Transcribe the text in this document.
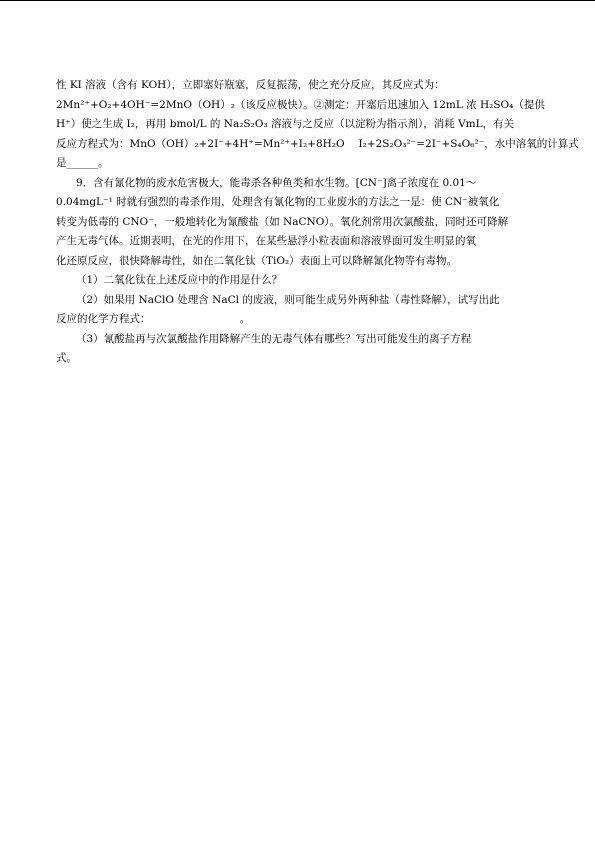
性 KI 溶液（含有 KOH），立即塞好瓶塞，反复振荡，使之充分反应，其反应式为：
2Mn²⁺+O₂+4OH⁻=2MnO（OH）₂（该反应极快）。②测定：开塞后迅速加入 12mL 浓 H₂SO₄（提供
H⁺）使之生成 I₂，再用 bmol/L 的 Na₂S₂O₃ 溶液与之反应（以淀粉为指示剂），消耗 VmL，有关
反应方程式为：MnO（OH）₂+2I⁻+4H⁺=Mn²⁺+I₂+8H₂O　 I₂+2S₂O₃²⁻=2I⁻+S₄O₆²⁻，水中溶氧的计算式
是______。
9．含有氰化物的废水危害极大，能毒杀各种鱼类和水生物。[CN⁻]离子浓度在 0.01～
0.04mgL⁻¹ 时就有强烈的毒杀作用，处理含有氰化物的工业废水的方法之一是：使 CN⁻被氧化
转变为低毒的 CNO⁻，一般地转化为氰酸盐（如 NaCNO）。氧化剂常用次氯酸盐，同时还可降解
产生无毒气体。近期表明，在光的作用下，在某些悬浮小粒表面和溶液界面可发生明显的氧
化还原反应，很快降解毒性，如在二氧化钛（TiO₂）表面上可以降解氰化物等有毒物。
（1）二氧化钛在上述反应中的作用是什么？
（2）如果用 NaClO 处理含 NaCl 的废液，则可能生成另外两种盐（毒性降解），试写出此
反应的化学方程式：　　　　　　　　　。
（3）氰酸盐再与次氯酸盐作用降解产生的无毒气体有哪些？写出可能发生的离子方程
式。
